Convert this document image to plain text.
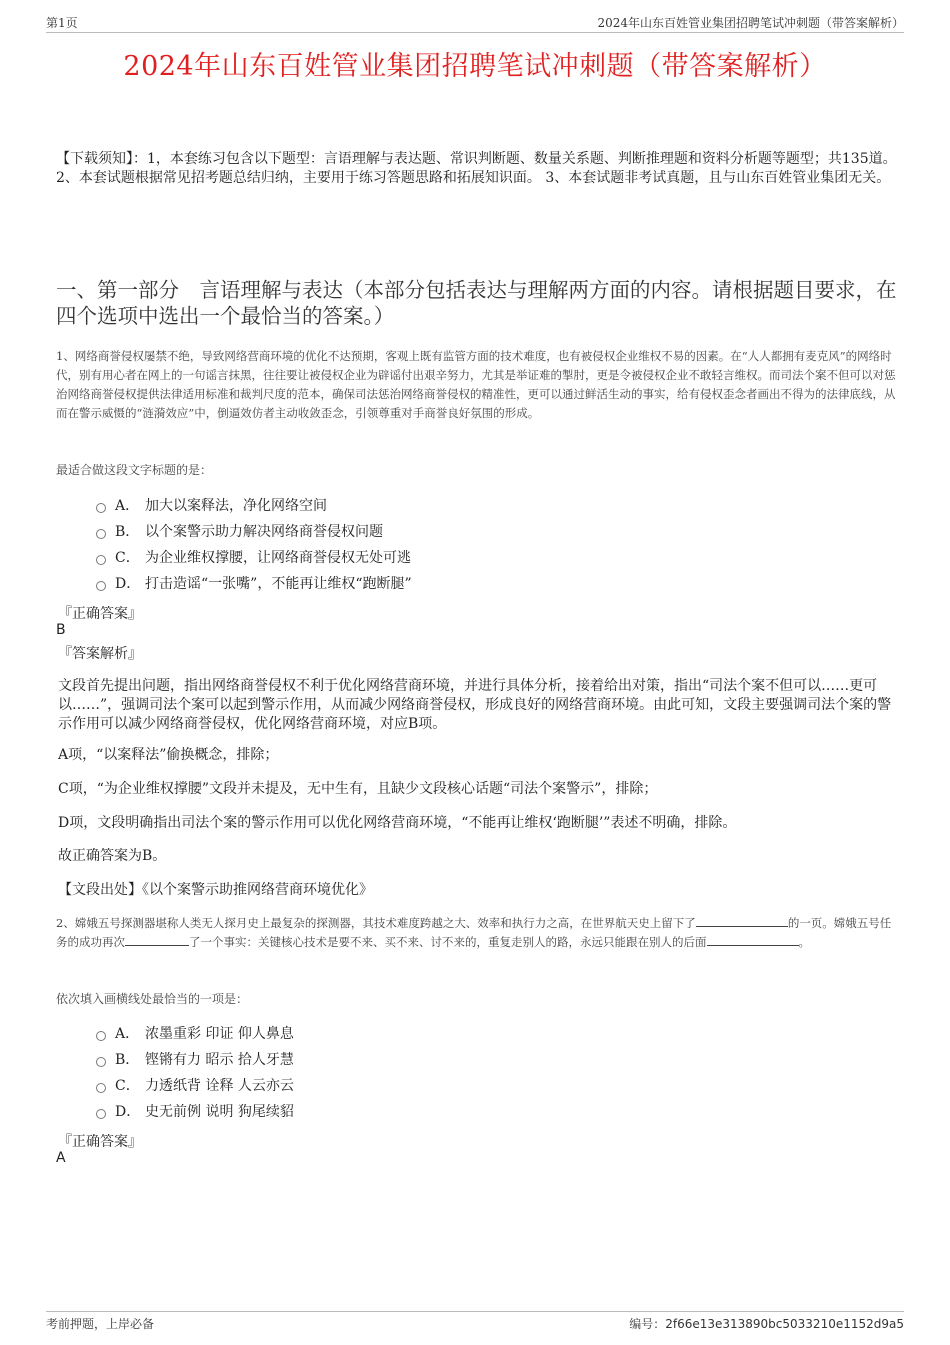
第1页	2024年山东百姓管业集团招聘笔试冲刺题（带答案解析）
2024年山东百姓管业集团招聘笔试冲刺题（带答案解析）
【下载须知】：1，本套练习包含以下题型：言语理解与表达题、常识判断题、数量关系题、判断推理题和资料分析题等题型；共135道。 2、本套试题根据常见招考题总结归纳，主要用于练习答题思路和拓展知识面。 3、本套试题非考试真题，且与山东百姓管业集团无关。
一、第一部分　言语理解与表达（本部分包括表达与理解两方面的内容。请根据题目要求，在四个选项中选出一个最恰当的答案。）
1、网络商誉侵权屡禁不绝，导致网络营商环境的优化不达预期，客观上既有监管方面的技术难度，也有被侵权企业维权不易的因素。在“人人都拥有麦克风”的网络时代，别有用心者在网上的一句谣言抹黑，往往要让被侵权企业为辟谣付出艰辛努力，尤其是举证难的掣肘，更是令被侵权企业不敢轻言维权。而司法个案不但可以对惩治网络商誉侵权提供法律适用标准和裁判尺度的范本，确保司法惩治网络商誉侵权的精准性，更可以通过鲜活生动的事实，给有侵权歪念者画出不得为的法律底线，从而在警示威慑的“涟漪效应”中，倒逼效仿者主动收敛歪念，引领尊重对手商誉良好氛围的形成。
最适合做这段文字标题的是：
A． 加大以案释法，净化网络空间
B． 以个案警示助力解决网络商誉侵权问题
C． 为企业维权撑腰，让网络商誉侵权无处可逃
D． 打击造谣“一张嘴”，不能再让维权“跑断腿”
『正确答案』
B
『答案解析』
文段首先提出问题，指出网络商誉侵权不利于优化网络营商环境，并进行具体分析，接着给出对策，指出“司法个案不但可以……更可以……”，强调司法个案可以起到警示作用，从而减少网络商誉侵权，形成良好的网络营商环境。由此可知，文段主要强调司法个案的警示作用可以减少网络商誉侵权，优化网络营商环境，对应B项。
A项，“以案释法”偷换概念，排除；
C项，“为企业维权撑腰”文段并未提及，无中生有，且缺少文段核心话题“司法个案警示”，排除；
D项，文段明确指出司法个案的警示作用可以优化网络营商环境，“不能再让维权‘跑断腿’”表述不明确，排除。
故正确答案为B。
【文段出处】《以个案警示助推网络营商环境优化》
2、嫦娥五号探测器堪称人类无人探月史上最复杂的探测器，其技术难度跨越之大、效率和执行力之高，在世界航天史上留下了	的一页。嫦娥五号任务的成功再次	了一个事实：关键核心技术是要不来、买不来、讨不来的，重复走别人的路，永远只能跟在别人的后面	。
依次填入画横线处最恰当的一项是：
A． 浓墨重彩 印证 仰人鼻息
B． 铿锵有力 昭示 拾人牙慧
C． 力透纸背 诠释 人云亦云
D． 史无前例 说明 狗尾续貂
『正确答案』
A
考前押题，上岸必备	编号：2f66e13e313890bc5033210e1152d9a5
